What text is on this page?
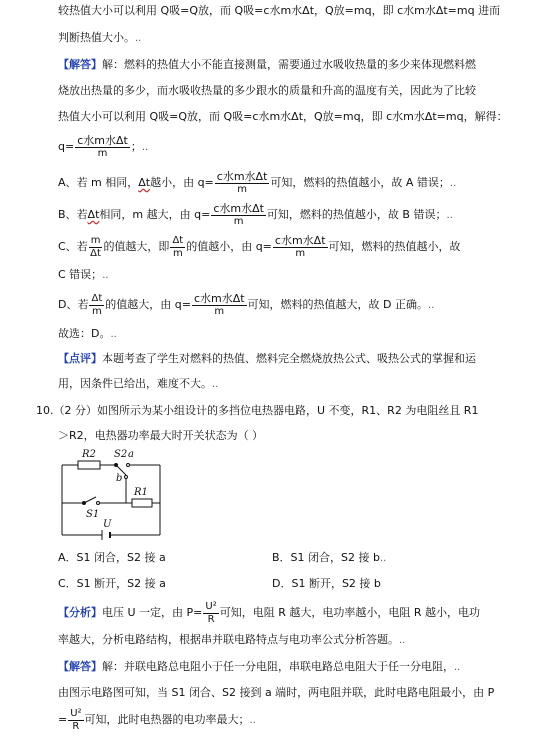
较热值大小可以利用 Q吸=Q放，而 Q吸=c水m水Δt，Q放=mq，即 c水m水Δt=mq 进而
判断热值大小。..
【解答】解：燃料的热值大小不能直接测量，需要通过水吸收热量的多少来体现燃料燃
烧放出热量的多少，而水吸收热量的多少跟水的质量和升高的温度有关，因此为了比较
热值大小可以利用 Q吸=Q放，而 Q吸=c水m水Δt，Q放=mq，即 c水m水Δt=mq，解得：
$q= \frac{\text{c水m水Δt}}{m}$ ；..
A、若 m 相同，Δt越小，由 $q= \frac{\text{c水m水Δt}}{m}$ 可知，燃料的热值越小，故 A 错误；..
B、若Δt相同，m 越大，由 $q= \frac{\text{c水m水Δt}}{m}$ 可知，燃料的热值越小，故 B 错误；..
C、若 $\frac{m}{\Delta t}$ 的值越大，即 $\frac{\Delta t}{m}$ 的值越小，由 $q= \frac{\text{c水m水Δt}}{m}$ 可知，燃料的热值越小，故
C 错误；..
D、若 $\frac{\Delta t}{m}$ 的值越大，由 $q= \frac{\text{c水m水Δt}}{m}$ 可知，燃料的热值越大，故 D 正确。..
故选：D。..
【点评】本题考查了学生对燃料的热值、燃料完全燃烧放热公式、吸热公式的掌握和运
用，因条件已给出，难度不大。..
10.（2 分）如图所示为某小组设计的多挡位电热器电路，U 不变，R1、R2 为电阻丝且 R1
＞R2，电热器功率最大时开关状态为（ ）
R2 S2 a
b
R1
S1
U
A．S1 闭合，S2 接 a	B．S1 闭合，S2 接 b..
C．S1 断开，S2 接 a	D．S1 断开，S2 接 b
【分析】电压 U 一定，由 $P= \frac{\text{U²}}{R}$ 可知，电阻 R 越大，电功率越小，电阻 R 越小，电功
率越大，分析电路结构，根据串并联电路特点与电功率公式分析答题。..
【解答】解：并联电路总电阻小于任一分电阻，串联电路总电阻大于任一分电阻，..
由图示电路图可知，当 S1 闭合、S2 接到 a 端时，两电阻并联，此时电路电阻最小，由 P
= $\frac{\text{U²}}{R}$ 可知，此时电热器的电功率最大；..
